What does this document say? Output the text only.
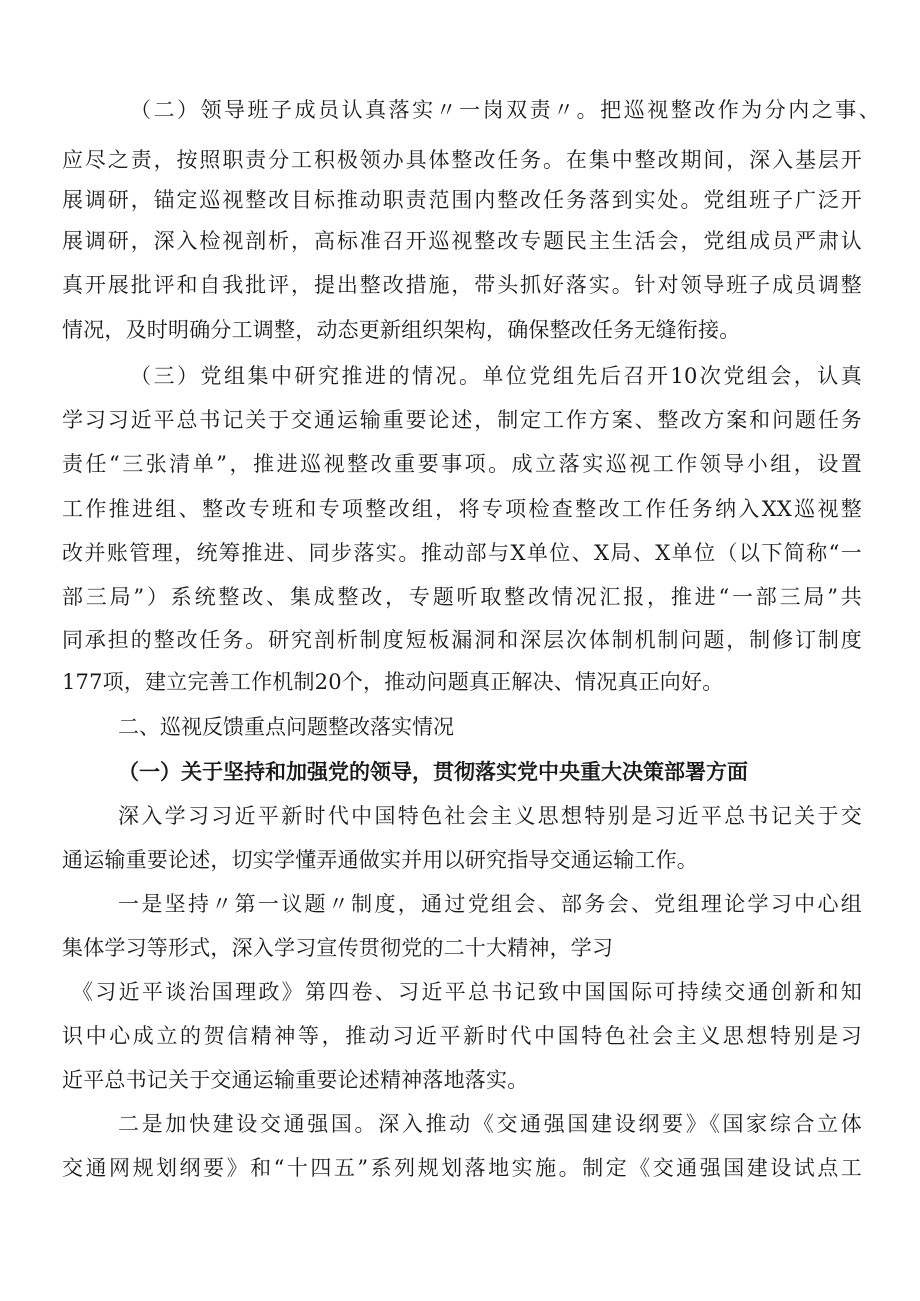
（二）领导班子成员认真落实〃一岗双责〃。把巡视整改作为分内之事、
应尽之责，按照职责分工积极领办具体整改任务。在集中整改期间，深入基层开
展调研，锚定巡视整改目标推动职责范围内整改任务落到实处。党组班子广泛开
展调研，深入检视剖析，高标准召开巡视整改专题民主生活会，党组成员严肃认
真开展批评和自我批评，提出整改措施，带头抓好落实。针对领导班子成员调整
情况，及时明确分工调整，动态更新组织架构，确保整改任务无缝衔接。
（三）党组集中研究推进的情况。单位党组先后召开10次党组会，认真
学习习近平总书记关于交通运输重要论述，制定工作方案、整改方案和问题任务
责任“三张清单”，推进巡视整改重要事项。成立落实巡视工作领导小组，设置
工作推进组、整改专班和专项整改组，将专项检查整改工作任务纳入XX巡视整
改并账管理，统筹推进、同步落实。推动部与X单位、X局、X单位（以下简称“一
部三局”）系统整改、集成整改，专题听取整改情况汇报，推进“一部三局”共
同承担的整改任务。研究剖析制度短板漏洞和深层次体制机制问题，制修订制度
177项，建立完善工作机制20个，推动问题真正解决、情况真正向好。
二、巡视反馈重点问题整改落实情况
（一）关于坚持和加强党的领导，贯彻落实党中央重大决策部署方面
深入学习习近平新时代中国特色社会主义思想特别是习近平总书记关于交
通运输重要论述，切实学懂弄通做实并用以研究指导交通运输工作。
一是坚持〃第一议题〃制度，通过党组会、部务会、党组理论学习中心组
集体学习等形式，深入学习宣传贯彻党的二十大精神，学习
《习近平谈治国理政》第四卷、习近平总书记致中国国际可持续交通创新和知
识中心成立的贺信精神等，推动习近平新时代中国特色社会主义思想特别是习
近平总书记关于交通运输重要论述精神落地落实。
二是加快建设交通强国。深入推动《交通强国建设纲要》《国家综合立体
交通网规划纲要》和“十四五”系列规划落地实施。制定《交通强国建设试点工
